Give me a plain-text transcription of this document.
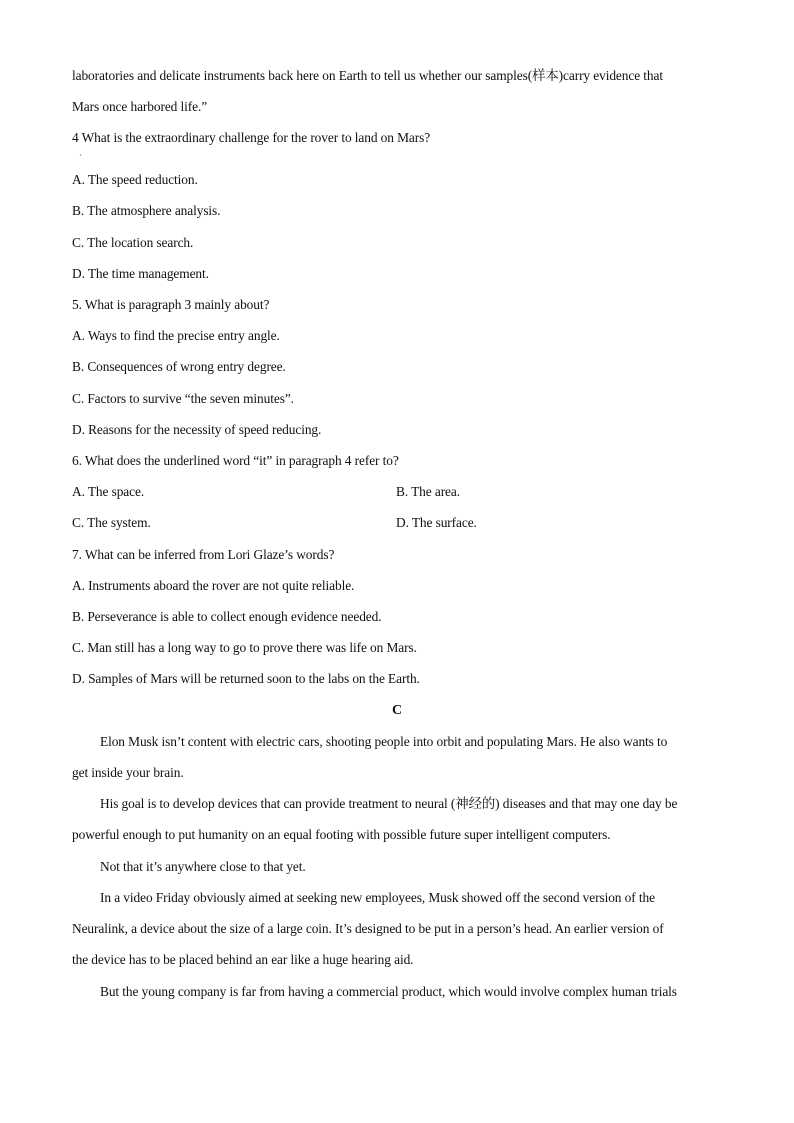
laboratories and delicate instruments back here on Earth to tell us whether our samples(样本)carry evidence that
Mars once harbored life.”
4 What is the extraordinary challenge for the rover to land on Mars?
·
A. The speed reduction.
B. The atmosphere analysis.
C. The location search.
D. The time management.
5. What is paragraph 3 mainly about?
A. Ways to find the precise entry angle.
B. Consequences of wrong entry degree.
C. Factors to survive “the seven minutes”.
D. Reasons for the necessity of speed reducing.
6. What does the underlined word “it” in paragraph 4 refer to?
A. The space.	B. The area.
C. The system.	D. The surface.
7. What can be inferred from Lori Glaze’s words?
A. Instruments aboard the rover are not quite reliable.
B. Perseverance is able to collect enough evidence needed.
C. Man still has a long way to go to prove there was life on Mars.
D. Samples of Mars will be returned soon to the labs on the Earth.
C
Elon Musk isn’t content with electric cars, shooting people into orbit and populating Mars. He also wants to
get inside your brain.
His goal is to develop devices that can provide treatment to neural (神经的) diseases and that may one day be
powerful enough to put humanity on an equal footing with possible future super intelligent computers.
Not that it’s anywhere close to that yet.
In a video Friday obviously aimed at seeking new employees, Musk showed off the second version of the
Neuralink, a device about the size of a large coin. It’s designed to be put in a person’s head. An earlier version of
the device has to be placed behind an ear like a huge hearing aid.
But the young company is far from having a commercial product, which would involve complex human trials
